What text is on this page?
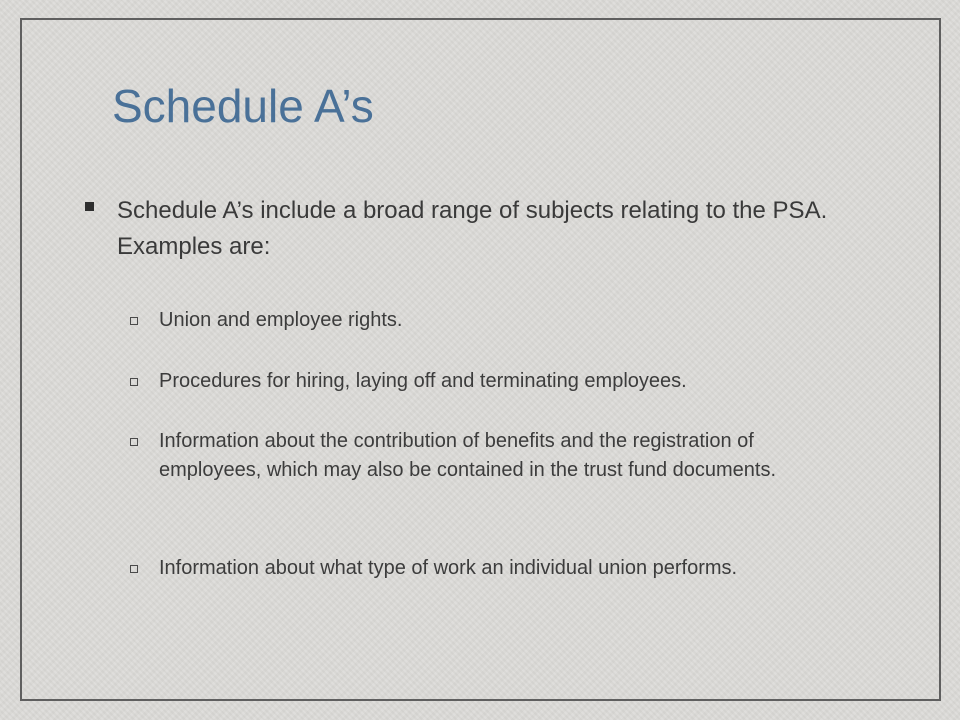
Schedule A’s
Schedule A’s include a broad range of subjects relating to the PSA. Examples are:
Union and employee rights.
Procedures for hiring, laying off and terminating employees.
Information about the contribution of benefits and the registration of employees, which may also be contained in the trust fund documents.
Information about what type of work an individual union performs.
